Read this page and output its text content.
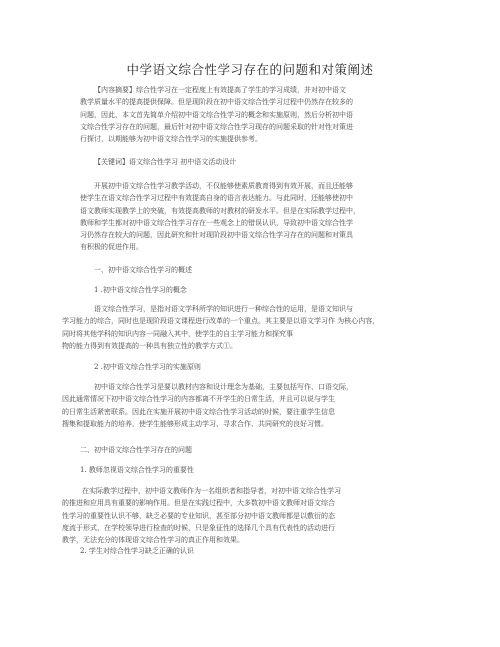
中学语文综合性学习存在的问题和对策阐述
【内容摘要】综合性学习在一定程度上有效提高了学生的学习成绩，并对初中语文
教学质量水平的提高提供保障。但是现阶段在初中语文综合性学习过程中仍然存在较多的
问题，因此，本文首先简单介绍初中语文综合性学习的概念和实施原则，然后分析初中语
文综合性学习存在的问题，最后针对初中语文综合性学习现存的问题采取的针对性对策进
行探讨，以期能够为初中语文综合性学习的实施提供参考。
【关键词】语文综合性学习 初中语文活动设计
开展初中语文综合性学习教学活动，不仅能够使素质教育得到有效开展，而且还能够
使学生在语文综合性学习过程中有效提高自身的语言表达能力。与此同时，还能够使初中
语文教师实现教学上的突破，有效提高教师的对教材的研发水平。但是在实际教学过程中，
教师和学生都对初中语文综合性学习存在一些观念上的错误认识，导致初中语文综合性学
习仍然存在较大的问题，因此研究和针对现阶段初中语文综合性学习存在的问题和对策具
有积极的促进作用。
一、初中语文综合性学习的概述
1 .初中语文综合性学习的概念
语文综合性学习，是指对语文学科所学的知识进行一种综合性的运用，是语文知识与
学习能力的综合，同时也是现阶段语文课程进行改革的一个重点。其主要是以语文学习作 为核心内容，
同时将其他学科的知识内容一同融入其中，使学生的自主学习能力和探究事
物的能力得到有效提高的一种具有独立性的教学方式①。
2 .初中语文综合性学习的实施原则
初中语文综合性学习是要以教材内容和设计理念为基础，主要包括写作、口语交际，
因此通常情况下初中语文综合性学习的内容都离不开学生的日常生活，并且可以说与学生
的日常生活紧密联系。因此在实施开展初中语文综合性学习活动的时候，要注重学生信息
搜集和提取能力的培养，使学生能够形成主动学习、寻求合作、共同研究的良好习惯。
二、初中语文综合性学习存在的问题
1. 教师忽视语文综合性学习的重要性
在实际教学过程中，初中语文教师作为一名组织者和指导者，对初中语文综合性学习
的推进和应用具有重要的影响作用。但是在实践过程中，大多数初中语文教师对语文综合
性学习的重要性认识不够，缺乏必要的专业知识，甚至部分初中语文教师都是以敷衍的态
度流于形式，在学校领导进行检查的时候，只是象征性的选择几个具有代表性的活动进行
教学，无法充分的体现语文综合性学习的真正作用和效果。
2. 学生对综合性学习缺乏正确的认识
